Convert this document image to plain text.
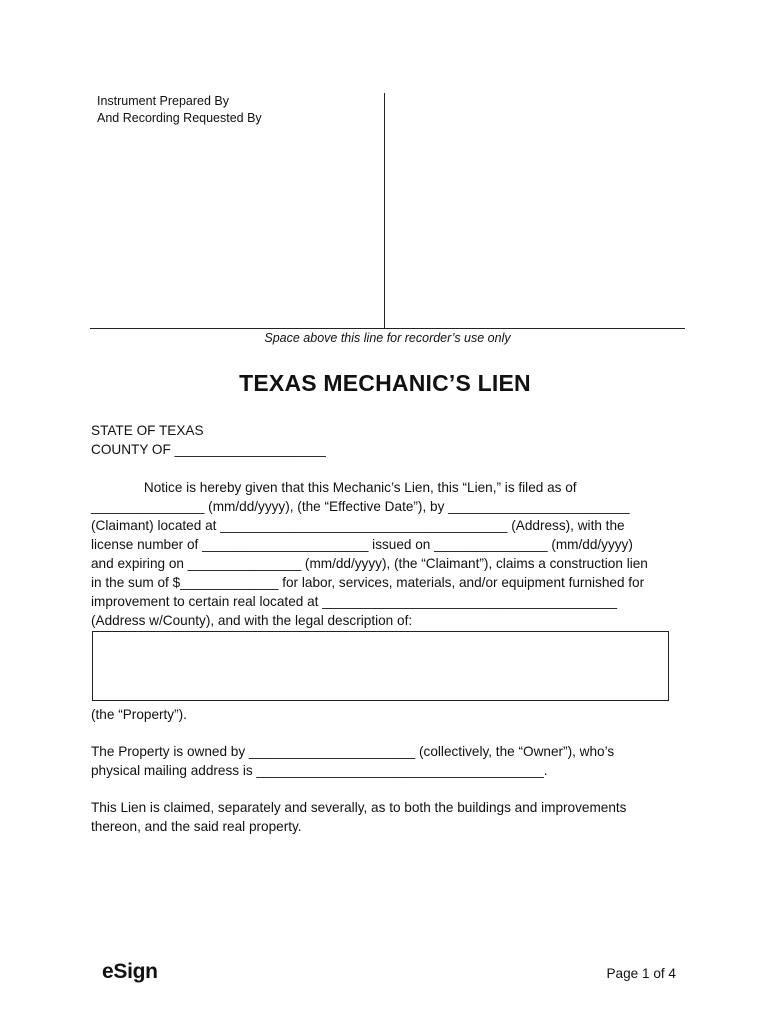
Instrument Prepared By
And Recording Requested By
Space above this line for recorder’s use only
TEXAS MECHANIC’S LIEN
STATE OF TEXAS
COUNTY OF ____________________
Notice is hereby given that this Mechanic’s Lien, this “Lien,” is filed as of
_______________ (mm/dd/yyyy), (the “Effective Date”), by ________________________
(Claimant) located at ______________________________________ (Address), with the
license number of ______________________ issued on _______________ (mm/dd/yyyy)
and expiring on _______________ (mm/dd/yyyy), (the “Claimant”), claims a construction lien
in the sum of $_____________ for labor, services, materials, and/or equipment furnished for
improvement to certain real located at _______________________________________
(Address w/County), and with the legal description of:
(the “Property”).
The Property is owned by ______________________ (collectively, the “Owner”), who’s
physical mailing address is ______________________________________.
This Lien is claimed, separately and severally, as to both the buildings and improvements
thereon, and the said real property.
eSign	Page 1 of 4
